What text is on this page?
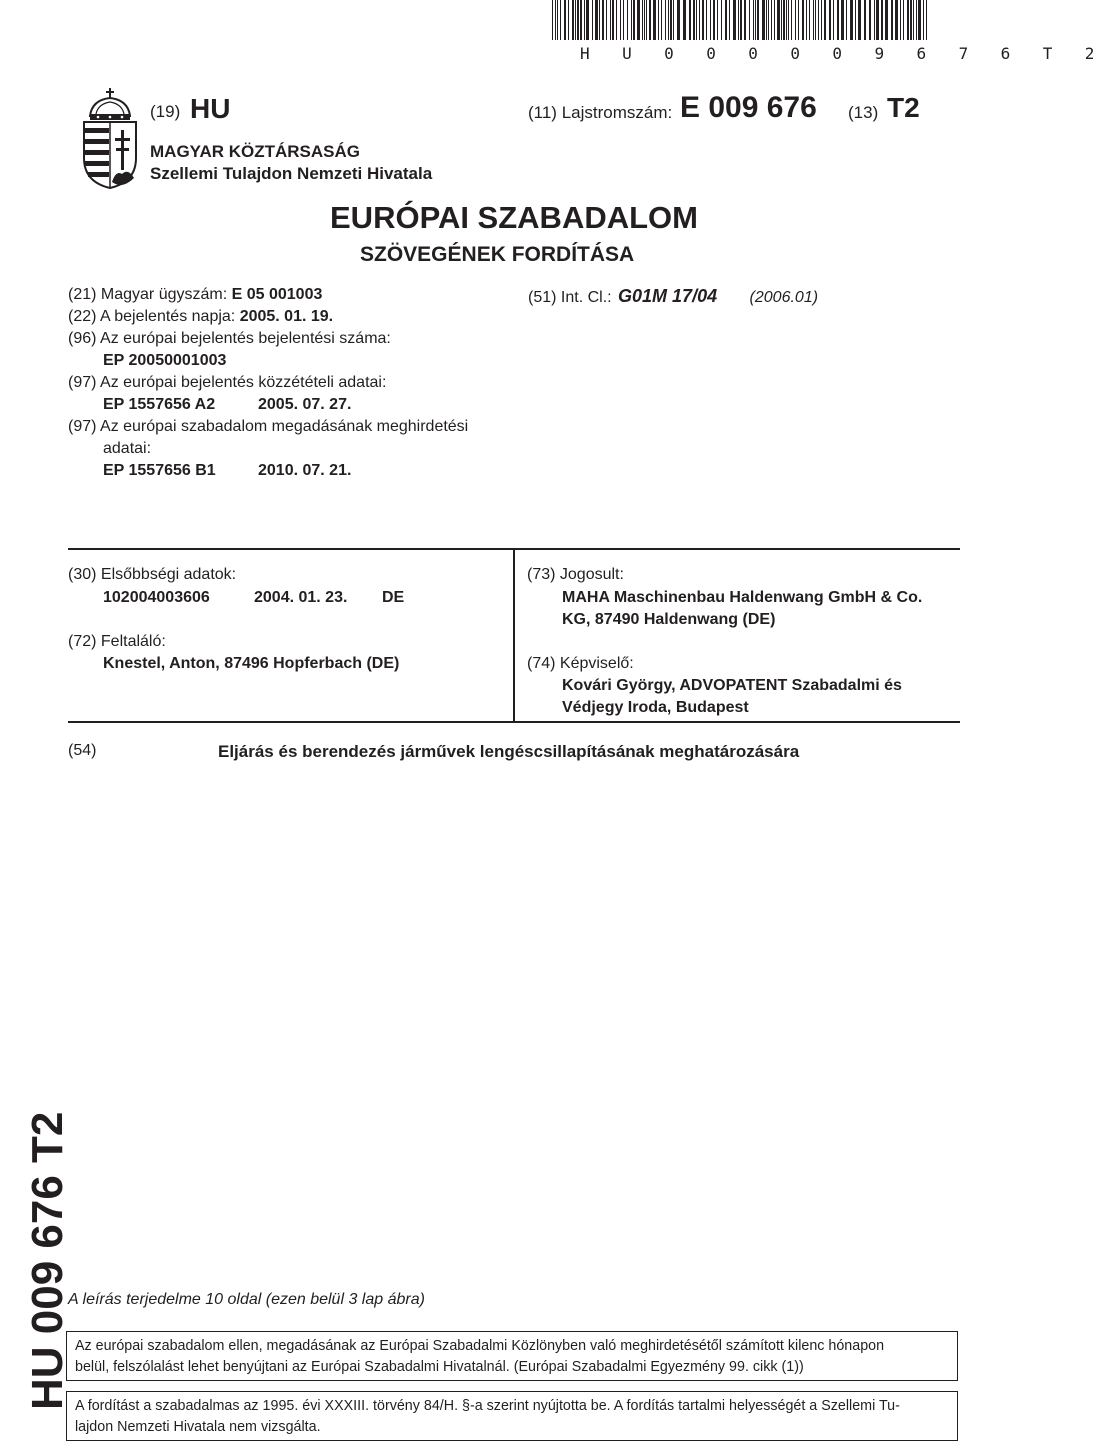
H U 0 0 0 0 0 9 6 7 6 T 2
(19) HU	(11) Lajstromszám: E 009 676 (13) T2
MAGYAR KÖZTÁRSASÁG
Szellemi Tulajdon Nemzeti Hivatala
EURÓPAI SZABADALOM
SZÖVEGÉNEK FORDÍTÁSA
(21) Magyar ügyszám: E 05 001003
(22) A bejelentés napja: 2005. 01. 19.
(96) Az európai bejelentés bejelentési száma:
EP 20050001003
(97) Az európai bejelentés közzétételi adatai:
EP 1557656 A2	2005. 07. 27.
(97) Az európai szabadalom megadásának meghirdetési
adatai:
EP 1557656 B1	2010. 07. 21.
(51) Int. Cl.: G01M 17/04 (2006.01)
(30) Elsőbbségi adatok:
102004003606	2004. 01. 23. DE
(72) Feltaláló:
Knestel, Anton, 87496 Hopferbach (DE)
(73) Jogosult:
MAHA Maschinenbau Haldenwang GmbH & Co.
KG, 87490 Haldenwang (DE)
(74) Képviselő:
Kovári György, ADVOPATENT Szabadalmi és
Védjegy Iroda, Budapest
(54)	Eljárás és berendezés járművek lengéscsillapításának meghatározására
HU 009 676 T2
A leírás terjedelme 10 oldal (ezen belül 3 lap ábra)

Az európai szabadalom ellen, megadásának az Európai Szabadalmi Közlönyben való meghirdetésétől számított kilenc hónapon

belül, felszólalást lehet benyújtani az Európai Szabadalmi Hivatalnál. (Európai Szabadalmi Egyezmény 99. cikk (1))

A fordítást a szabadalmas az 1995. évi XXXIII. törvény 84/H. §-a szerint nyújtotta be. A fordítás tartalmi helyességét a Szellemi Tu-

lajdon Nemzeti Hivatala nem vizsgálta.
